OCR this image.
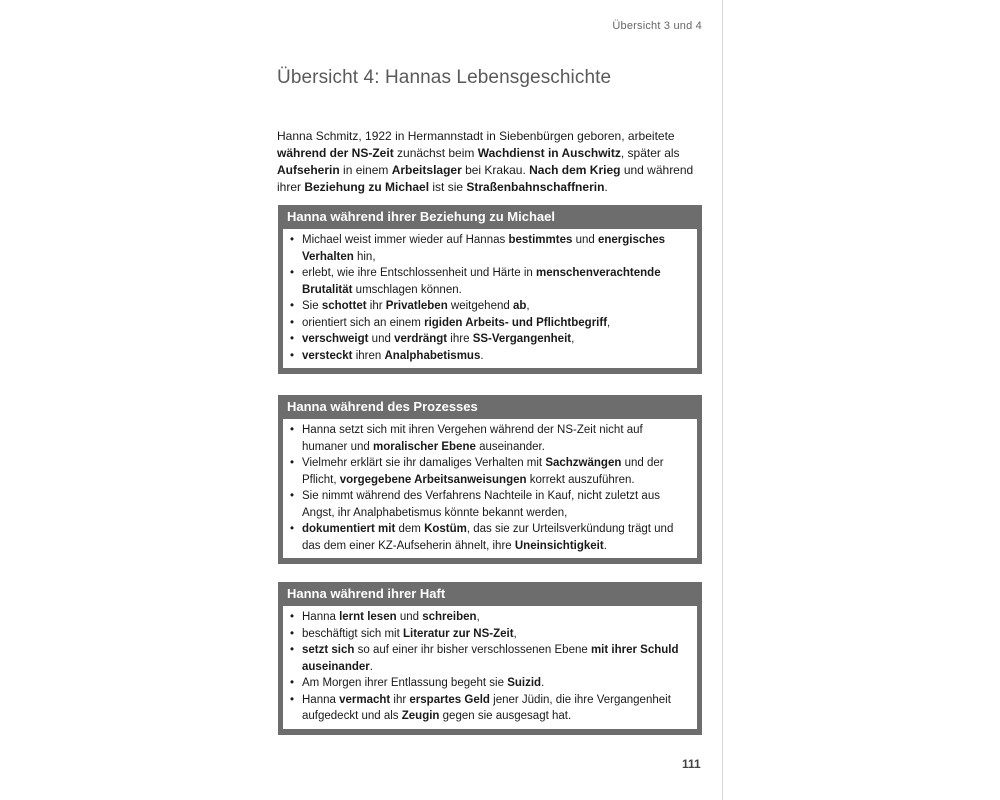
Übersicht 3 und 4
Übersicht 4: Hannas Lebensgeschichte

Hanna Schmitz, 1922 in Hermannstadt in Siebenbürgen geboren, arbeitete während der NS-Zeit zunächst beim Wachdienst in Auschwitz, später als Aufseherin in einem Arbeitslager bei Krakau. Nach dem Krieg und während ihrer Beziehung zu Michael ist sie Straßenbahnschaffnerin.

Hanna während ihrer Beziehung zu Michael
• Michael weist immer wieder auf Hannas bestimmtes und energisches Verhalten hin,
• erlebt, wie ihre Entschlossenheit und Härte in menschenverachtende Brutalität umschlagen können.
• Sie schottet ihr Privatleben weitgehend ab,
• orientiert sich an einem rigiden Arbeits- und Pflichtbegriff,
• verschweigt und verdrängt ihre SS-Vergangenheit,
• versteckt ihren Analphabetismus.
Hanna während des Prozesses
• Hanna setzt sich mit ihren Vergehen während der NS-Zeit nicht auf humaner und moralischer Ebene auseinander.
• Vielmehr erklärt sie ihr damaliges Verhalten mit Sachzwängen und der Pflicht, vorgegebene Arbeitsanweisungen korrekt auszuführen.
• Sie nimmt während des Verfahrens Nachteile in Kauf, nicht zuletzt aus Angst, ihr Analphabetismus könnte bekannt werden,
• dokumentiert mit dem Kostüm, das sie zur Urteilsverkündung trägt und das dem einer KZ-Aufseherin ähnelt, ihre Uneinsichtigkeit.
Hanna während ihrer Haft
• Hanna lernt lesen und schreiben,
• beschäftigt sich mit Literatur zur NS-Zeit,
• setzt sich so auf einer ihr bisher verschlossenen Ebene mit ihrer Schuld auseinander.
• Am Morgen ihrer Entlassung begeht sie Suizid.
• Hanna vermacht ihr erspartes Geld jener Jüdin, die ihre Vergangenheit aufgedeckt und als Zeugin gegen sie ausgesagt hat.
111
